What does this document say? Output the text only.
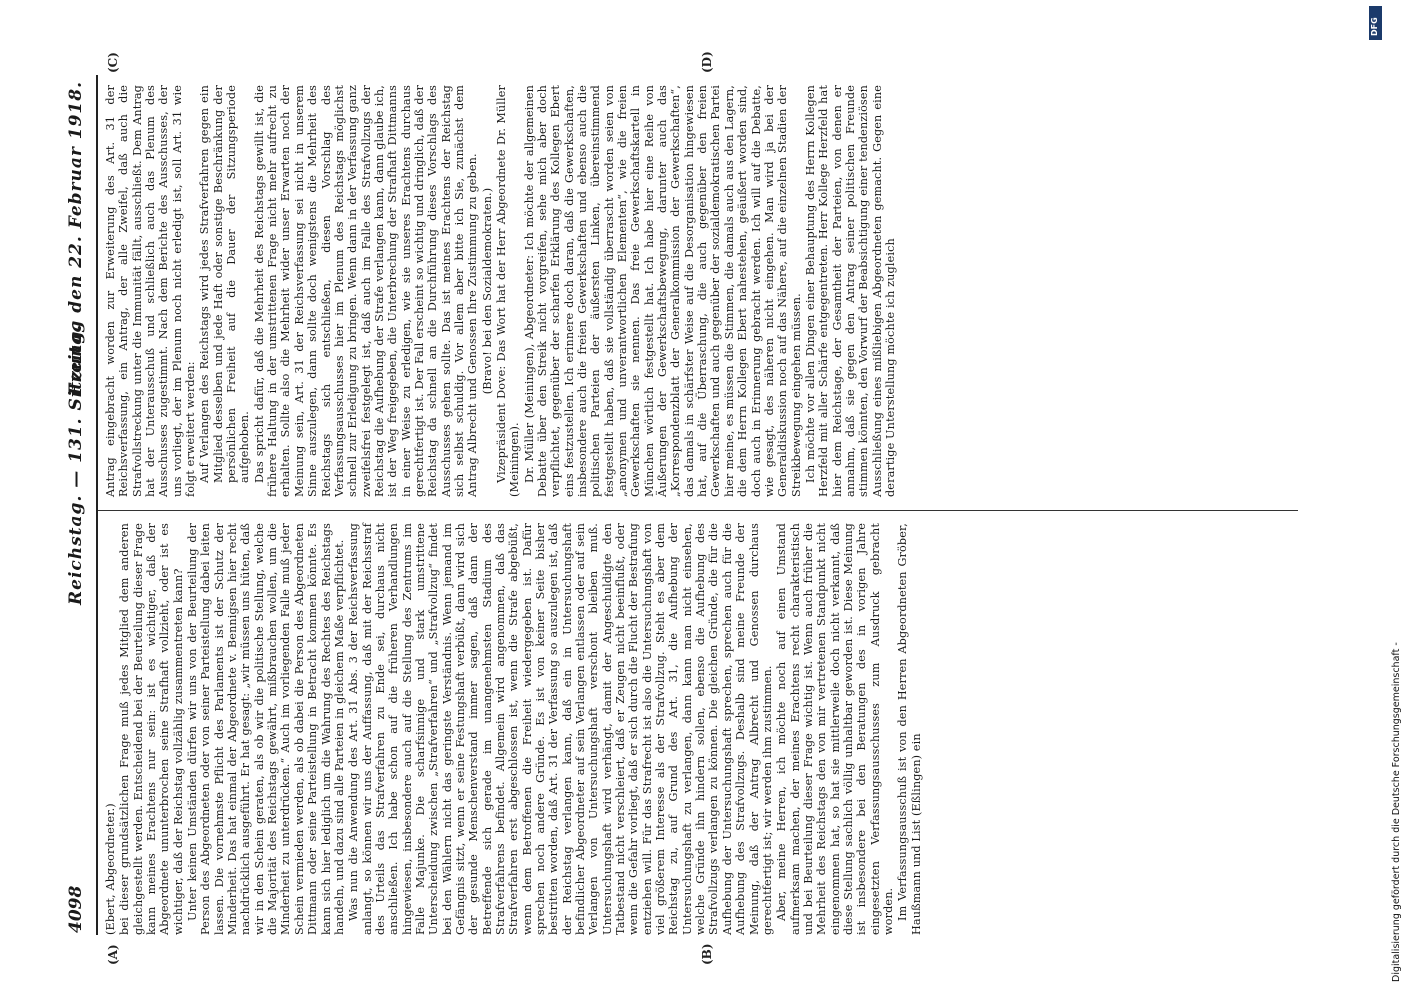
4098
Reichstag. — 131. Sitzung.
Freitag den 22. Februar 1918.
(A)	(B)
(C)	(D)

(Ebert, Abgeordneter.) bei dieser grundsätzlichen Frage muß jedes Mitglied dem anderen gleichgestellt werden. Entscheidend bei der Beurteilung dieser Frage kann meines Erachtens nur sein: ist es wichtiger, daß der Abgeordnete ununterbrochen seine Strafhaft vollzieht, oder ist es wichtiger, daß der Reichstag vollzählig zusammentreten kann? Unter keinen Umständen dürfen wir uns von der Beurteilung der Person des Abgeordneten oder von seiner Parteistellung dabei leiten lassen. Die vornehmste Pflicht des Parlaments ist der Schutz der Minderheit. Das hat einmal der Abgeordnete v. Bennigsen hier recht nachdrücklich ausgeführt. Er hat gesagt: „wir müssen uns hüten, daß wir in den Schein geraten, als ob wir die politische Stellung, welche die Majorität des Reichstags gewährt, mißbrauchen wollen, um die Minderheit zu unterdrücken.“ Auch im vorliegenden Falle muß jeder Schein vermieden werden, als ob dabei die Person des Abgeordneten Dittmann oder seine Parteistellung in Betracht kommen könnte. Es kann sich hier lediglich um die Wahrung des Rechtes des Reichstags handeln, und dazu sind alle Parteien in gleichem Maße verpflichtet. Was nun die Anwendung des Art. 31 Abs. 3 der Reichsverfassung anlangt, so können wir uns der Auffassung, daß mit der Reichsstraf des Urteils das Strafverfahren zu Ende sei, durchaus nicht anschließen. Ich habe schon auf die früheren Verhandlungen hingewiesen, insbesondere auch auf die Stellung des Zentrums im Falle Majunke. Die scharfsinnige und stark umstrittene Unterscheidung zwischen „Strafverfahren“ und „Strafvollzug“ findet bei den Wählern nicht das geringste Verständnis. Wenn jemand im Gefängnis sitzt, wenn er seine Festungshaft verbüßt, dann wird sich der gesunde Menschenverstand immer sagen, daß dann der Betreffende sich gerade im unangenehmsten Stadium des Strafverfahrens befindet. Allgemein wird angenommen, daß das Strafverfahren erst abgeschlossen ist, wenn die Strafe abgebüßt, wenn dem Betroffenen die Freiheit wiedergegeben ist. Dafür sprechen noch andere Gründe. Es ist von keiner Seite bisher bestritten worden, daß Art. 31 der Verfassung so auszulegen ist, daß der Reichstag verlangen kann, daß ein in Untersuchungshaft befindlicher Abgeordneter auf sein Verlangen entlassen oder auf sein Verlangen von Untersuchungshaft verschont bleiben muß. Untersuchungshaft wird verhängt, damit der Angeschuldigte den Tatbestand nicht verschleiert, daß er Zeugen nicht beeinflußt, oder wenn die Gefahr vorliegt, daß er sich durch die Flucht der Bestrafung entziehen will. Für das Strafrecht ist also die Untersuchungshaft von viel größerem Interesse als der Strafvollzug. Steht es aber dem Reichstag zu, auf Grund des Art. 31, die Aufhebung der Untersuchungshaft zu verlangen, dann kann man nicht einsehen, welche Gründe ihn hindern sollen, ebenso die Aufhebung des Strafvollzugs verlangen zu können. Die gleichen Gründe, die für die Aufhebung der Untersuchungshaft sprechen, sprechen auch für die Aufhebung des Strafvollzugs. Deshalb sind meine Freunde der Meinung, daß der Antrag Albrecht und Genossen durchaus gerechtfertigt ist; wir werden ihm zustimmen. Aber, meine Herren, ich möchte noch auf einen Umstand aufmerksam machen, der meines Erachtens recht charakteristisch und bei Beurteilung dieser Frage wichtig ist. Wenn auch früher die Mehrheit des Reichstags den von mir vertretenen Standpunkt nicht eingenommen hat, so hat sie mittlerweile doch nicht verkannt, daß diese Stellung sachlich völlig unhaltbar geworden ist. Diese Meinung ist insbesondere bei den Beratungen des in vorigen Jahre eingesetzten Verfassungsausschusses zum Ausdruck gebracht worden. Im Verfassungsausschuß ist von den Herren Abgeordneten Gröber, Haußmann und List (Eßlingen) ein

Antrag eingebracht worden zur Erweiterung des Art. 31 der Reichsverfassung, ein Antrag, der alle Zweifel, daß auch die Strafvollstreckung unter die Immunität fällt, ausschließt. Dem Antrag hat der Unterausschuß und schließlich auch das Plenum des Ausschusses zugestimmt. Nach dem Berichte des Ausschusses, der uns vorliegt, der im Plenum noch nicht erledigt ist, soll Art. 31 wie folgt erweitert werden: Auf Verlangen des Reichstags wird jedes Strafverfahren gegen ein Mitglied desselben und jede Haft oder sonstige Beschränkung der persönlichen Freiheit auf die Dauer der Sitzungsperiode aufgehoben. Das spricht dafür, daß die Mehrheit des Reichstags gewillt ist, die frühere Haltung in der umstrittenen Frage nicht mehr aufrecht zu erhalten. Sollte also die Mehrheit wider unser Erwarten noch der Meinung sein, Art. 31 der Reichsverfassung sei nicht in unserem Sinne auszulegen, dann sollte doch wenigstens die Mehrheit des Reichstags sich entschließen, diesen Vorschlag des Verfassungsausschusses hier im Plenum des Reichstags möglichst schnell zur Erledigung zu bringen. Wenn dann in der Verfassung ganz zweifelsfrei festgelegt ist, daß auch im Falle des Strafvollzugs der Reichstag die Aufhebung der Strafe verlangen kann, dann glaube ich, ist der Weg freigegeben, die Unterbrechung der Strafhaft Dittmanns in einer Weise zu erledigen, wie sie unseres Erachtens durchaus gerechtfertigt ist. Der Fall erscheint so wichtig und dringlich, daß der Reichstag da schnell an die Durchführung dieses Vorschlags des Ausschusses gehen sollte. Das ist meines Erachtens der Reichstag sich selbst schuldig. Vor allem aber bitte ich Sie, zunächst dem Antrag Albrecht und Genossen Ihre Zustimmung zu geben. (Bravo! bei den Sozialdemokraten.) Vizepräsident Dove: Das Wort hat der Herr Abgeordnete Dr. Müller (Meiningen). Dr. Müller (Meiningen), Abgeordneter: Ich möchte der allgemeinen Debatte über den Streik nicht vorgreifen, sehe mich aber doch verpflichtet, gegenüber der scharfen Erklärung des Kollegen Ebert eins festzustellen. Ich erinnere doch daran, daß die Gewerkschaften, insbesondere auch die freien Gewerkschaften und ebenso auch die politischen Parteien der äußersten Linken, übereinstimmend festgestellt haben, daß sie vollständig überrascht worden seien von „anonymen und unverantwortlichen Elementen“, wie die freien Gewerkschaften sie nennen. Das freie Gewerkschaftskartell in München wörtlich festgestellt hat. Ich habe hier eine Reihe von Äußerungen der Gewerkschaftsbewegung, darunter auch das „Korrespondenzblatt der Generalkommission der Gewerkschaften“, das damals in schärfster Weise auf die Desorganisation hingewiesen hat, auf die Überraschung, die auch gegenüber den freien Gewerkschaften und auch gegenüber der sozialdemokratischen Partei hier meine, es müssen die Stimmen, die damals auch aus den Lagern, die dem Herrn Kollegen Ebert nahestehen, geäußert worden sind, doch auch in Erinnerung gebracht werden. Ich will auf die Debatte, wie gesagt, des näheren nicht eingehen. Man wird ja bei der Generaldiskussion noch auf das Nähere, auf die einzelnen Stadien der Streikbewegung eingehen müssen. Ich möchte vor allen Dingen einer Behauptung des Herrn Kollegen Herzfeld mit aller Schärfe entgegentreten. Herr Kollege Herzfeld hat hier dem Reichstage, der Gesamtheit der Parteien, von denen er annahm, daß sie gegen den Antrag seiner politischen Freunde stimmen könnten, den Vorwurf der Beabsichtigung einer tendenziösen Ausschließung eines mißliebigen Abgeordneten gemacht. Gegen eine derartige Unterstellung möchte ich zugleich

DFG
Digitalisierung gefördert durch die Deutsche Forschungsgemeinschaft -
